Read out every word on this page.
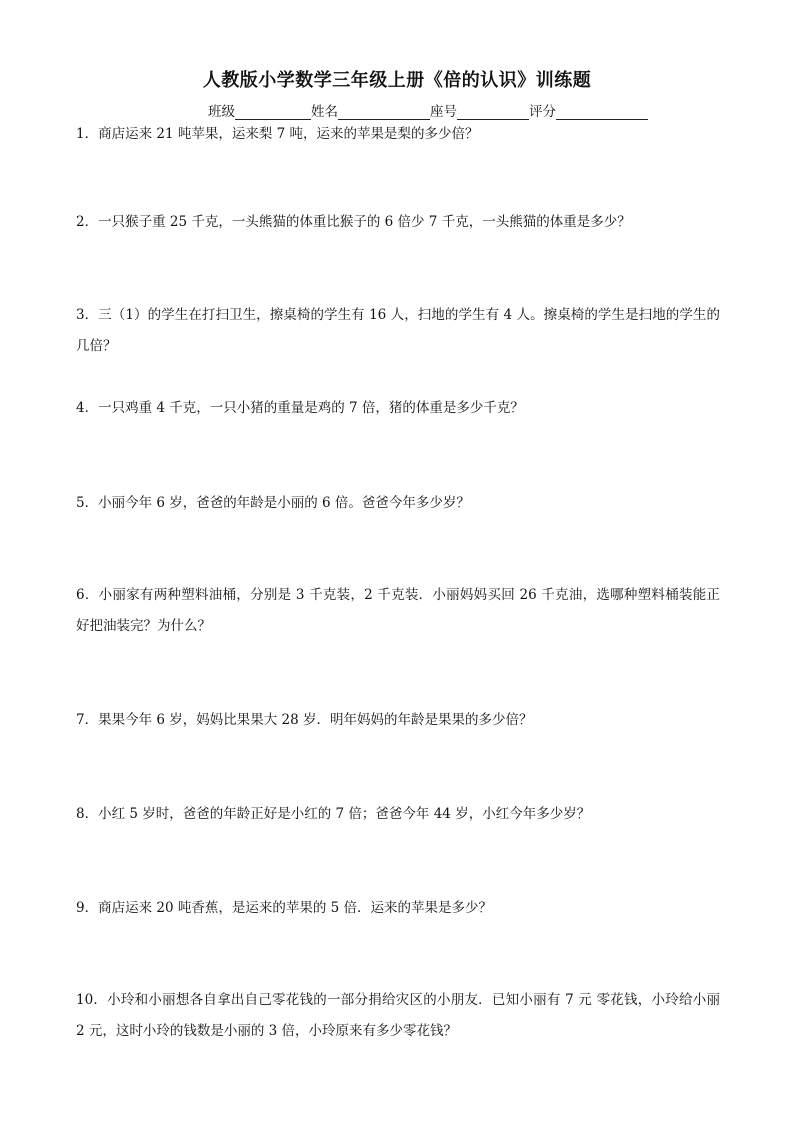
人教版小学数学三年级上册《倍的认识》训练题
班级	姓名	座号	评分
1．商店运来 21 吨苹果，运来梨 7 吨，运来的苹果是梨的多少倍？
2．一只猴子重 25 千克，一头熊猫的体重比猴子的 6 倍少 7 千克，一头熊猫的体重是多少？
3．三（1）的学生在打扫卫生，擦桌椅的学生有 16 人，扫地的学生有 4 人。擦桌椅的学生是扫地的学生的几倍？
4．一只鸡重 4 千克，一只小猪的重量是鸡的 7 倍，猪的体重是多少千克？
5．小丽今年 6 岁，爸爸的年龄是小丽的 6 倍。爸爸今年多少岁？
6．小丽家有两种塑料油桶，分别是 3 千克装，2 千克装．小丽妈妈买回 26 千克油，选哪种塑料桶装能正好把油装完？为什么？
7．果果今年 6 岁，妈妈比果果大 28 岁．明年妈妈的年龄是果果的多少倍？
8．小红 5 岁时，爸爸的年龄正好是小红的 7 倍；爸爸今年 44 岁，小红今年多少岁？
9．商店运来 20 吨香蕉，是运来的苹果的 5 倍．运来的苹果是多少？
10．小玲和小丽想各自拿出自己零花钱的一部分捐给灾区的小朋友．已知小丽有 7 元 零花钱，小玲给小丽 2 元，这时小玲的钱数是小丽的 3 倍，小玲原来有多少零花钱？
